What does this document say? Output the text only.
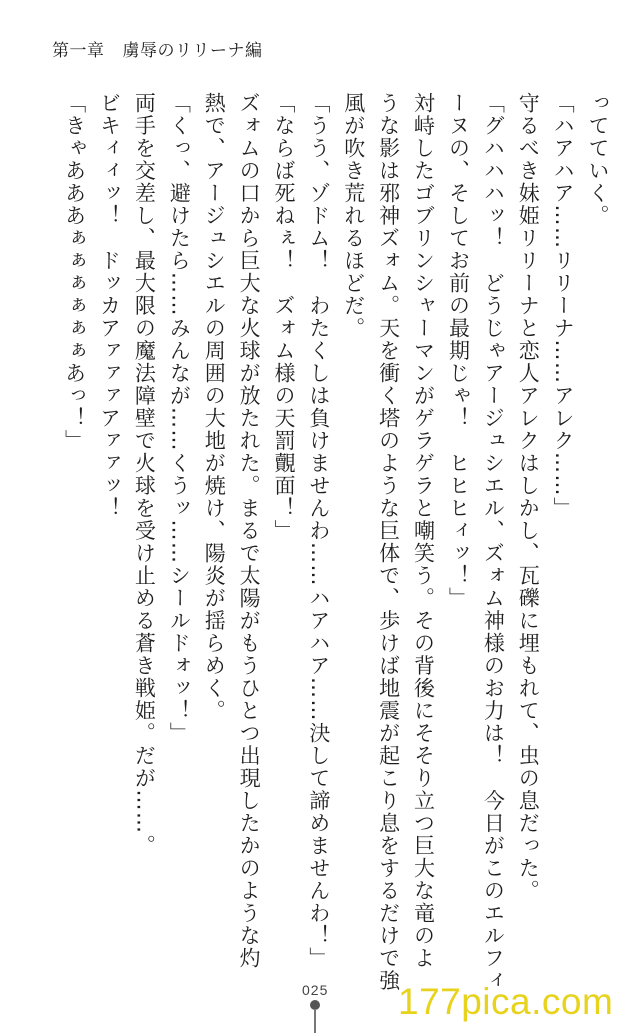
第一章 虜辱のリリーナ編
ってていく。
「ハアハア……リリーナ……アレク……」
守るべき妹姫リリーナと恋人アレクはしかし、瓦礫に埋もれて、虫の息だった。
「グハハハッ！　どうじゃアージュシエル、ズォム神様のお力は！　今日がこのエルフィ
ーヌの、そしてお前の最期じゃ！　ヒヒヒィッ！」
対峙したゴブリンシャーマンがゲラゲラと嘲笑う。その背後にそそり立つ巨大な竜のよ
うな影は邪神ズォム。天を衝く塔のような巨体で、歩けば地震が起こり息をするだけで強
風が吹き荒れるほどだ。
「うう、ゾドム！　わたくしは負けませんわ……ハアハア……決して諦めませんわ！」
「ならば死ねぇ！　ズォム様の天罰覿面！」
ズォムの口から巨大な火球が放たれた。まるで太陽がもうひとつ出現したかのような灼
熱で、アージュシエルの周囲の大地が焼け、陽炎が揺らめく。
「くっ、避けたら……みんなが……くうッ……シールドォッ！」
両手を交差し、最大限の魔法障壁で火球を受け止める蒼き戦姫。だが……。
ビキィィッ！　ドッカアァァァアァァッ！
「きゃあああぁぁぁぁぁぁあっ！」
025 177pica.com
